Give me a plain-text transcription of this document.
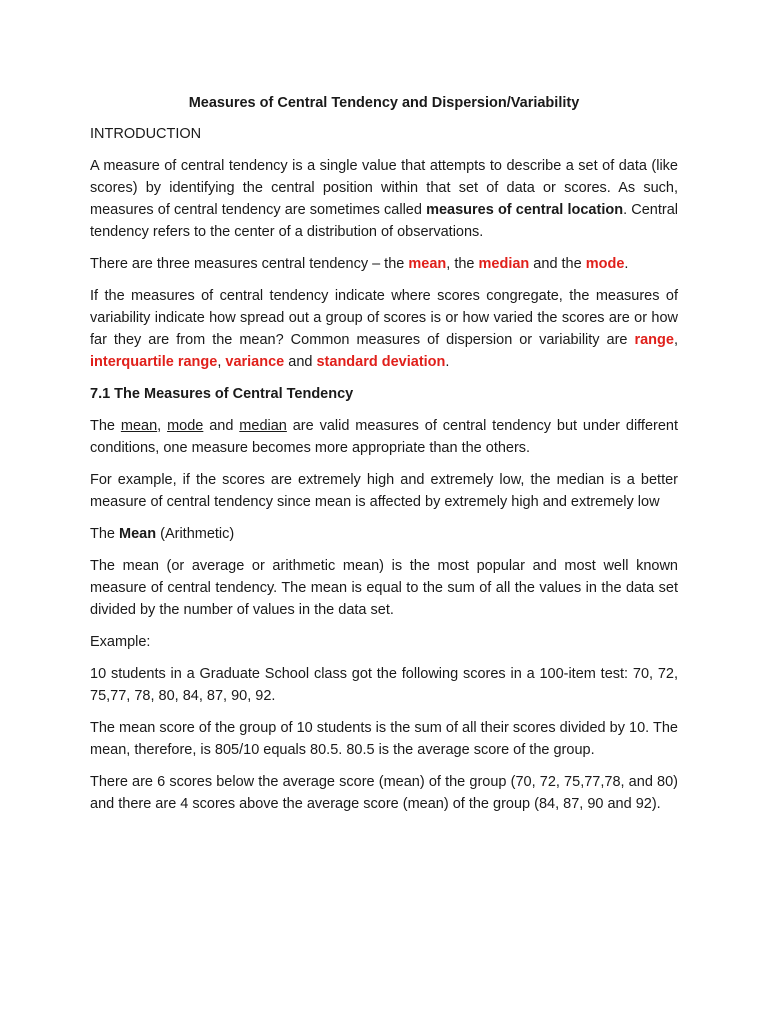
Measures of Central Tendency and Dispersion/Variability

INTRODUCTION

A measure of central tendency is a single value that attempts to describe a set of data (like scores) by identifying the central position within that set of data or scores. As such, measures of central tendency are sometimes called measures of central location. Central tendency refers to the center of a distribution of observations.

There are three measures central tendency – the mean, the median and the mode.

If the measures of central tendency indicate where scores congregate, the measures of variability indicate how spread out a group of scores is or how varied the scores are or how far they are from the mean? Common measures of dispersion or variability are range, interquartile range, variance and standard deviation.

7.1 The Measures of Central Tendency

The mean, mode and median are valid measures of central tendency but under different conditions, one measure becomes more appropriate than the others.

For example, if the scores are extremely high and extremely low, the median is a better measure of central tendency since mean is affected by extremely high and extremely low

The Mean (Arithmetic)

The mean (or average or arithmetic mean) is the most popular and most well known measure of central tendency. The mean is equal to the sum of all the values in the data set divided by the number of values in the data set.

Example:

10 students in a Graduate School class got the following scores in a 100-item test: 70, 72, 75,77, 78, 80, 84, 87, 90, 92.

The mean score of the group of 10 students is the sum of all their scores divided by 10. The mean, therefore, is 805/10 equals 80.5. 80.5 is the average score of the group.

There are 6 scores below the average score (mean) of the group (70, 72, 75,77,78, and 80) and there are 4 scores above the average score (mean) of the group (84, 87, 90 and 92).
